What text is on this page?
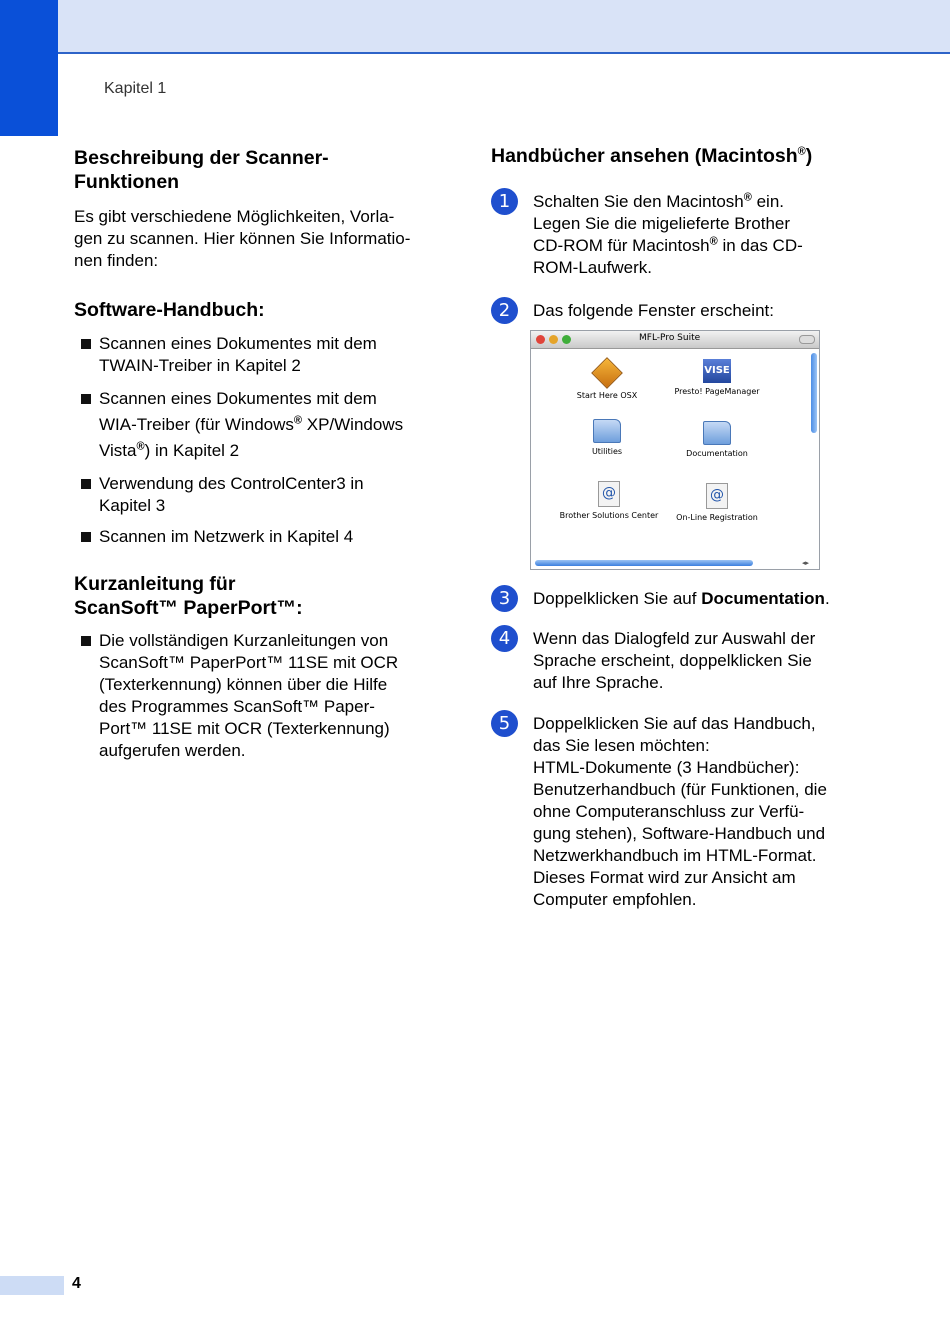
Kapitel 1
Beschreibung der Scanner-
Funktionen

Es gibt verschiedene Möglichkeiten, Vorla-
gen zu scannen. Hier können Sie Informatio-
nen finden:

Software-Handbuch:
Scannen eines Dokumentes mit dem
TWAIN-Treiber in Kapitel 2
Scannen eines Dokumentes mit dem
WIA-Treiber (für Windows® XP/Windows
Vista®) in Kapitel 2
Verwendung des ControlCenter3 in
Kapitel 3
Scannen im Netzwerk in Kapitel 4
Kurzanleitung für
ScanSoft™ PaperPort™:
Die vollständigen Kurzanleitungen von
ScanSoft™ PaperPort™ 11SE mit OCR
(Texterkennung) können über die Hilfe
des Programmes ScanSoft™ Paper-
Port™ 11SE mit OCR (Texterkennung)
aufgerufen werden.
Handbücher ansehen (Macintosh®)
1	Schalten Sie den Macintosh® ein.
Legen Sie die migelieferte Brother
CD-ROM für Macintosh® in das CD-
ROM-Laufwerk.
2	Das folgende Fenster erscheint:
MFL-Pro Suite
Start Here OSX
VISE
Presto! PageManager
Utilities	Documentation
@
Brother Solutions Center
@
On-Line Registration
◂▸
3	Doppelklicken Sie auf Documentation.
4	Wenn das Dialogfeld zur Auswahl der
Sprache erscheint, doppelklicken Sie
auf Ihre Sprache.
5	Doppelklicken Sie auf das Handbuch,
das Sie lesen möchten:
HTML-Dokumente (3 Handbücher):
Benutzerhandbuch (für Funktionen, die
ohne Computeranschluss zur Verfü-
gung stehen), Software-Handbuch und
Netzwerkhandbuch im HTML-Format.
Dieses Format wird zur Ansicht am
Computer empfohlen.
4
